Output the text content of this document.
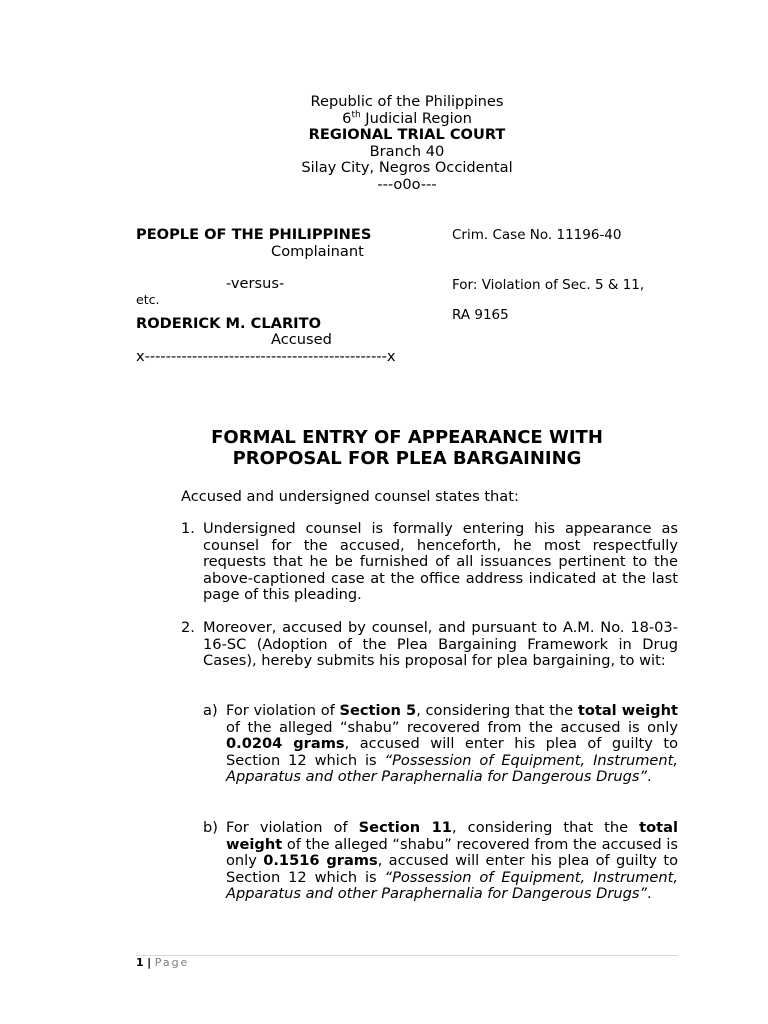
Republic of the Philippines
6th Judicial Region
REGIONAL TRIAL COURT
Branch 40
Silay City, Negros Occidental
---o0o---
PEOPLE OF THE PHILIPPINES
Complainant
-versus-
etc.
RODERICK M. CLARITO
Accused
x----------------------------------------------x
Crim. Case No. 11196-40
For: Violation of Sec. 5 & 11,
RA 9165
FORMAL ENTRY OF APPEARANCE WITH
PROPOSAL FOR PLEA BARGAINING
Accused and undersigned counsel states that:
1. Undersigned counsel is formally entering his appearance as counsel for the accused, henceforth, he most respectfully requests that he be furnished of all issuances pertinent to the above-captioned case at the office address indicated at the last page of this pleading.
2. Moreover, accused by counsel, and pursuant to A.M. No. 18-03-16-SC (Adoption of the Plea Bargaining Framework in Drug Cases), hereby submits his proposal for plea bargaining, to wit:
a) For violation of Section 5, considering that the total weight of the alleged “shabu” recovered from the accused is only 0.0204 grams, accused will enter his plea of guilty to Section 12 which is “Possession of Equipment, Instrument, Apparatus and other Paraphernalia for Dangerous Drugs”.
b) For violation of Section 11, considering that the total weight of the alleged “shabu” recovered from the accused is only 0.1516 grams, accused will enter his plea of guilty to Section 12 which is “Possession of Equipment, Instrument, Apparatus and other Paraphernalia for Dangerous Drugs”.
1 | Page
